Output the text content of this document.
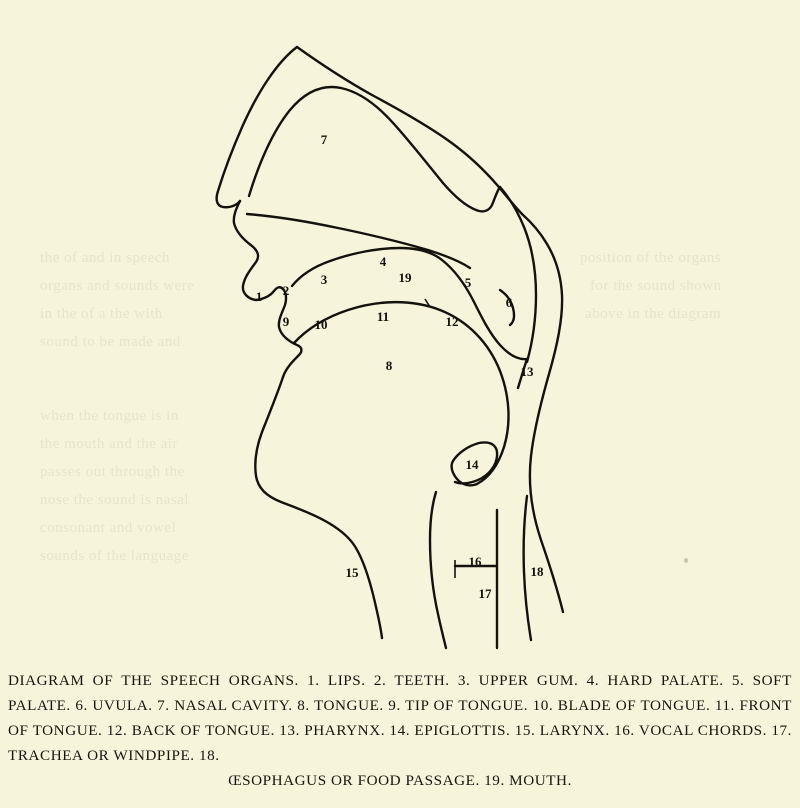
the of and in speech
organs and sounds were
in the of a the with
sound to be made and
when the tongue is in
the mouth and the air
passes out through the
nose the sound is nasal
consonant and vowel
sounds of the language
position of the organs
for the sound shown
above in the diagram
1 2
3
4
5
6
7
8
9 10
11	12
13
14
15
16
17
18
19
DIAGRAM OF THE SPEECH ORGANS. 1. LIPS. 2. TEETH. 3. UPPER GUM. 4. HARD PALATE. 5. SOFT PALATE. 6. UVULA. 7. NASAL CAVITY. 8. TONGUE. 9. TIP OF TONGUE. 10. BLADE OF TONGUE. 11. FRONT OF TONGUE. 12. BACK OF TONGUE. 13. PHARYNX. 14. EPIGLOTTIS. 15. LARYNX. 16. VOCAL CHORDS. 17. TRACHEA OR WINDPIPE. 18.
ŒSOPHAGUS OR FOOD PASSAGE. 19. MOUTH.
